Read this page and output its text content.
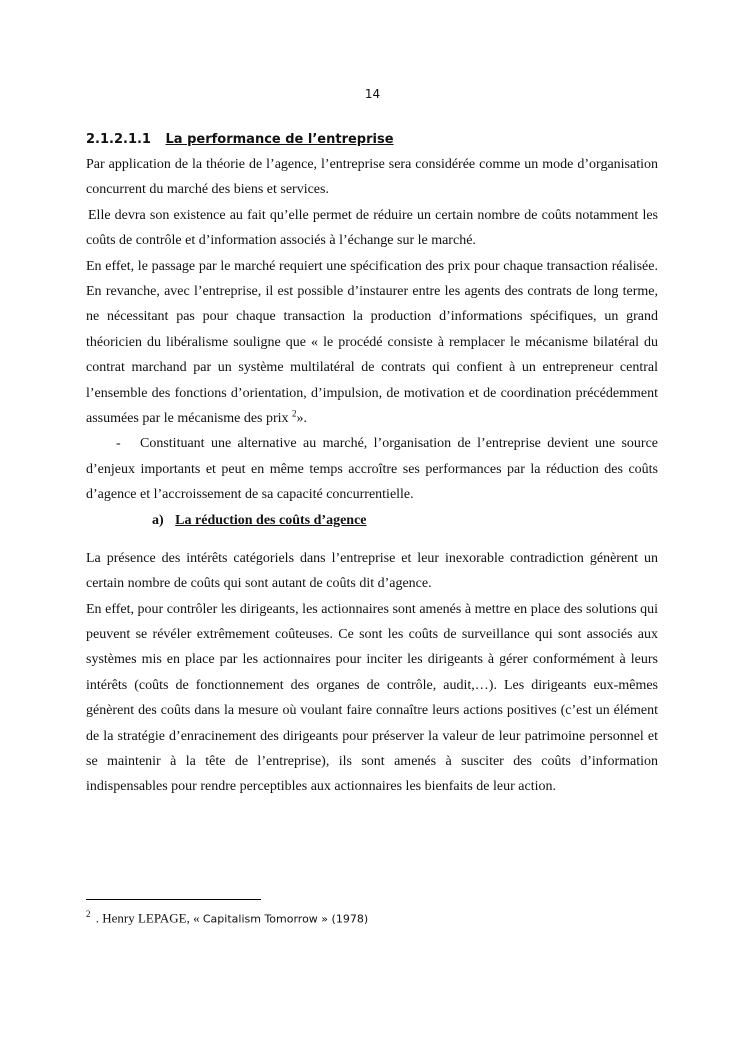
14
2.1.2.1.1 La performance de l’entreprise

Par application de la théorie de l’agence, l’entreprise sera considérée comme un mode d’organisation concurrent du marché des biens et services.

Elle devra son existence au fait qu’elle permet de réduire un certain nombre de coûts notamment les coûts de contrôle et d’information associés à l’échange sur le marché.

En effet, le passage par le marché requiert une spécification des prix pour chaque transaction réalisée. En revanche, avec l’entreprise, il est possible d’instaurer entre les agents des contrats de long terme, ne nécessitant pas pour chaque transaction la production d’informations spécifiques, un grand théoricien du libéralisme souligne que « le procédé consiste à remplacer le mécanisme bilatéral du contrat marchand par un système multilatéral de contrats qui confient à un entrepreneur central l’ensemble des fonctions d’orientation, d’impulsion, de motivation et de coordination précédemment assumées par le mécanisme des prix $^2$».

- Constituant une alternative au marché, l’organisation de l’entreprise devient une source d’enjeux importants et peut en même temps accroître ses performances par la réduction des coûts d’agence et l’accroissement de sa capacité concurrentielle.

a) La réduction des coûts d’agence

La présence des intérêts catégoriels dans l’entreprise et leur inexorable contradiction génèrent un certain nombre de coûts qui sont autant de coûts dit d’agence.

En effet, pour contrôler les dirigeants, les actionnaires sont amenés à mettre en place des solutions qui peuvent se révéler extrêmement coûteuses. Ce sont les coûts de surveillance qui sont associés aux systèmes mis en place par les actionnaires pour inciter les dirigeants à gérer conformément à leurs intérêts (coûts de fonctionnement des organes de contrôle, audit,…). Les dirigeants eux-mêmes génèrent des coûts dans la mesure où voulant faire connaître leurs actions positives (c’est un élément de la stratégie d’enracinement des dirigeants pour préserver la valeur de leur patrimoine personnel et se maintenir à la tête de l’entreprise), ils sont amenés à susciter des coûts d’information indispensables pour rendre perceptibles aux actionnaires les bienfaits de leur action.

$^2$ . Henry LEPAGE, « Capitalism Tomorrow » (1978)
